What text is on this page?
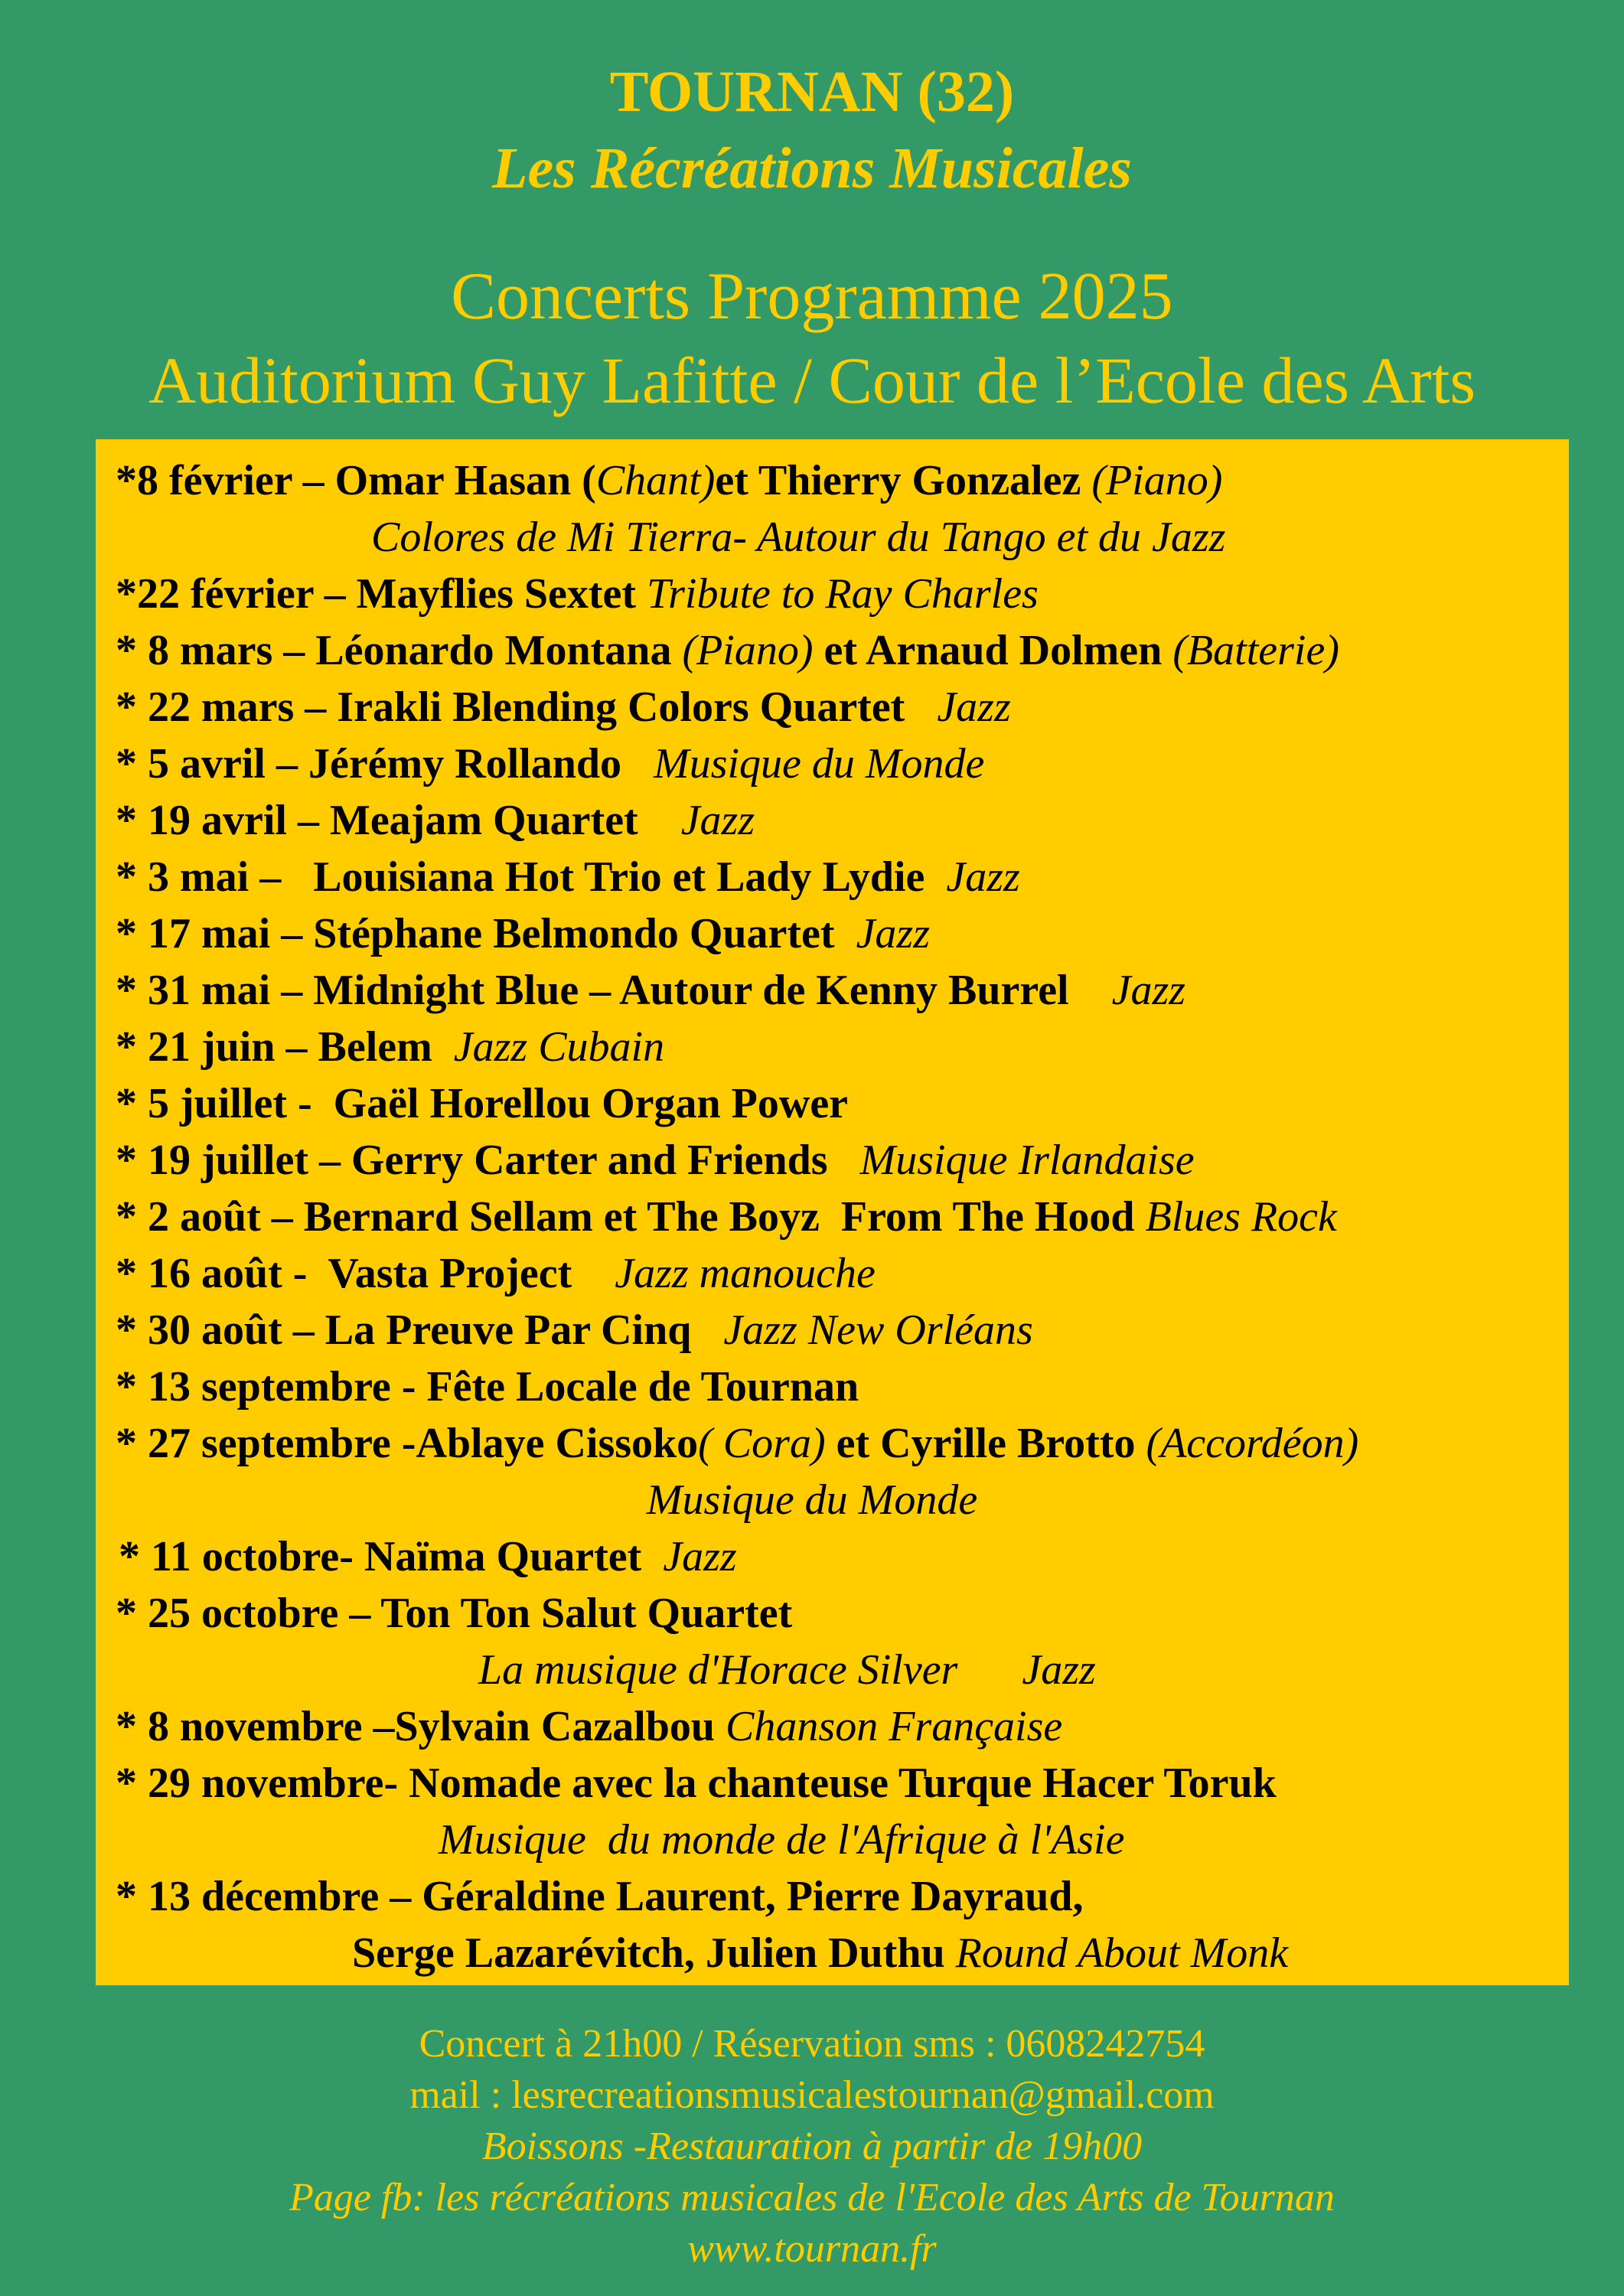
TOURNAN (32)
Les Récréations Musicales
Concerts Programme 2025
Auditorium Guy Lafitte / Cour de l’Ecole des Arts
*8 février – Omar Hasan (Chant)et Thierry Gonzalez (Piano)
Colores de Mi Tierra- Autour du Tango et du Jazz
*22 février – Mayflies Sextet Tribute to Ray Charles
* 8 mars – Léonardo Montana (Piano) et Arnaud Dolmen (Batterie)
* 22 mars – Irakli Blending Colors Quartet   Jazz
* 5 avril – Jérémy Rollando   Musique du Monde
* 19 avril – Meajam Quartet    Jazz
* 3 mai –   Louisiana Hot Trio et Lady Lydie  Jazz
* 17 mai – Stéphane Belmondo Quartet  Jazz
* 31 mai – Midnight Blue – Autour de Kenny Burrel    Jazz
* 21 juin – Belem  Jazz Cubain
* 5 juillet -  Gaël Horellou Organ Power
* 19 juillet – Gerry Carter and Friends   Musique Irlandaise
* 2 août – Bernard Sellam et The Boyz  From The Hood Blues Rock
* 16 août -  Vasta Project    Jazz manouche
* 30 août – La Preuve Par Cinq   Jazz New Orléans
* 13 septembre - Fête Locale de Tournan
* 27 septembre -Ablaye Cissoko( Cora) et Cyrille Brotto (Accordéon)
Musique du Monde
* 11 octobre- Naïma Quartet  Jazz
* 25 octobre – Ton Ton Salut Quartet
La musique d'Horace Silver      Jazz
* 8 novembre –Sylvain Cazalbou Chanson Française
* 29 novembre- Nomade avec la chanteuse Turque Hacer Toruk
Musique  du monde de l'Afrique à l'Asie
* 13 décembre – Géraldine Laurent, Pierre Dayraud,
Serge Lazarévitch, Julien Duthu Round About Monk
Concert à 21h00 / Réservation sms : 0608242754
mail : lesrecreationsmusicalestournan@gmail.com
Boissons -Restauration à partir de 19h00
Page fb: les récréations musicales de l'Ecole des Arts de Tournan
www.tournan.fr
